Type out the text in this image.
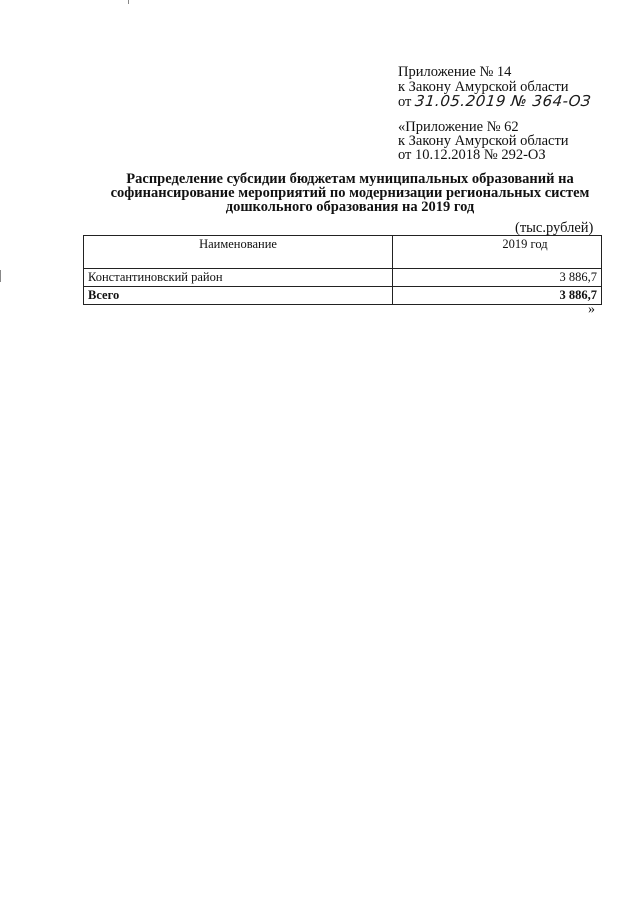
Приложение № 14
к Закону Амурской области
от 31.05.2019 № 364-ОЗ
«Приложение № 62
к Закону Амурской области
от 10.12.2018 № 292-ОЗ
Распределение субсидии бюджетам муниципальных образований на
софинансирование мероприятий по модернизации региональных систем
дошкольного образования на 2019 год
(тыс.рублей)
Наименование	2019 год
Константиновский район	3 886,7
Всего	3 886,7
»
